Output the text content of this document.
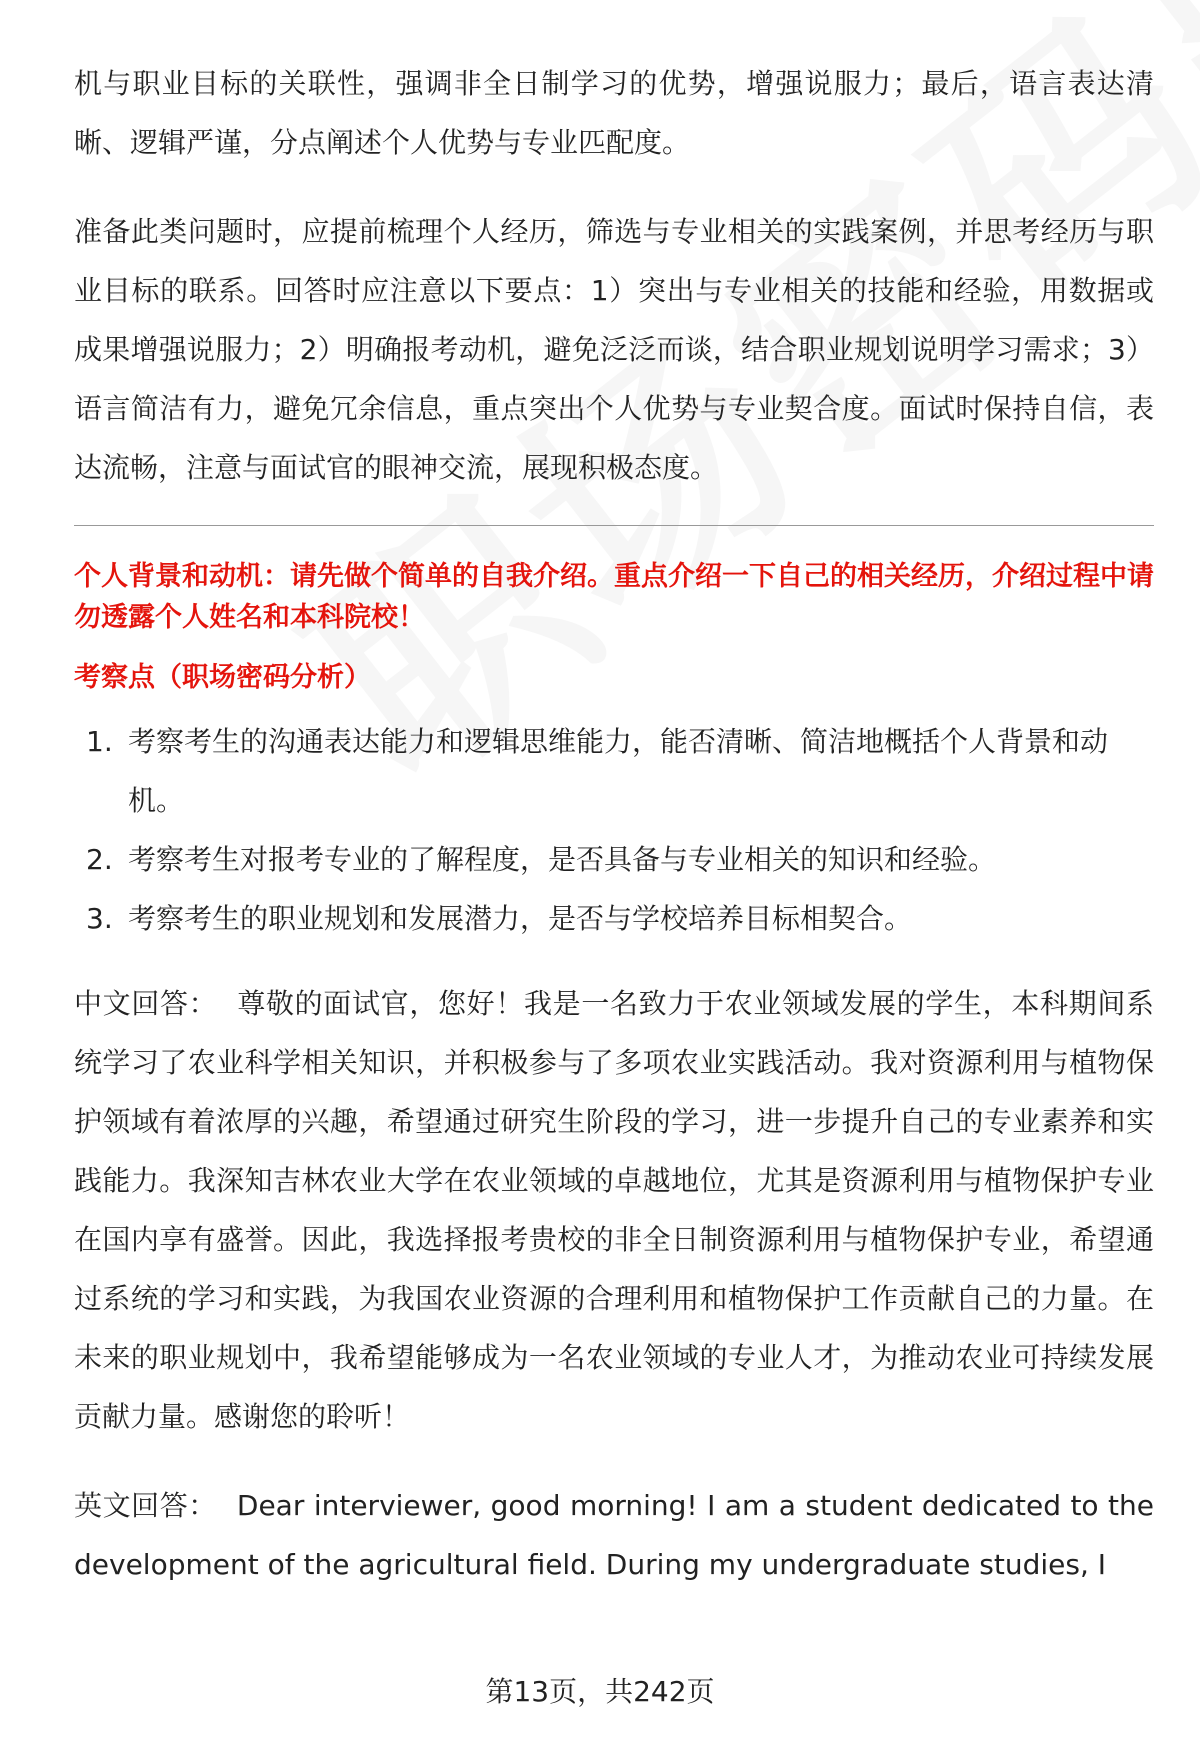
机与职业目标的关联性，强调非全日制学习的优势，增强说服力；最后，语言表达清晰、逻辑严谨，分点阐述个人优势与专业匹配度。

准备此类问题时，应提前梳理个人经历，筛选与专业相关的实践案例，并思考经历与职业目标的联系。回答时应注意以下要点：1）突出与专业相关的技能和经验，用数据或成果增强说服力；2）明确报考动机，避免泛泛而谈，结合职业规划说明学习需求；3）语言简洁有力，避免冗余信息，重点突出个人优势与专业契合度。面试时保持自信，表达流畅，注意与面试官的眼神交流，展现积极态度。

个人背景和动机：请先做个简单的自我介绍。重点介绍一下自己的相关经历，介绍过程中请勿透露个人姓名和本科院校！

考察点（职场密码分析）

1. 考察考生的沟通表达能力和逻辑思维能力，能否清晰、简洁地概括个人背景和动机。
2. 考察考生对报考专业的了解程度，是否具备与专业相关的知识和经验。
3. 考察考生的职业规划和发展潜力，是否与学校培养目标相契合。

中文回答： 尊敬的面试官，您好！我是一名致力于农业领域发展的学生，本科期间系统学习了农业科学相关知识，并积极参与了多项农业实践活动。我对资源利用与植物保护领域有着浓厚的兴趣，希望通过研究生阶段的学习，进一步提升自己的专业素养和实践能力。我深知吉林农业大学在农业领域的卓越地位，尤其是资源利用与植物保护专业在国内享有盛誉。因此，我选择报考贵校的非全日制资源利用与植物保护专业，希望通过系统的学习和实践，为我国农业资源的合理利用和植物保护工作贡献自己的力量。在未来的职业规划中，我希望能够成为一名农业领域的专业人才，为推动农业可持续发展贡献力量。感谢您的聆听！

英文回答： Dear interviewer, good morning! I am a student dedicated to the development of the agricultural field. During my undergraduate studies, I

第13页，共242页
